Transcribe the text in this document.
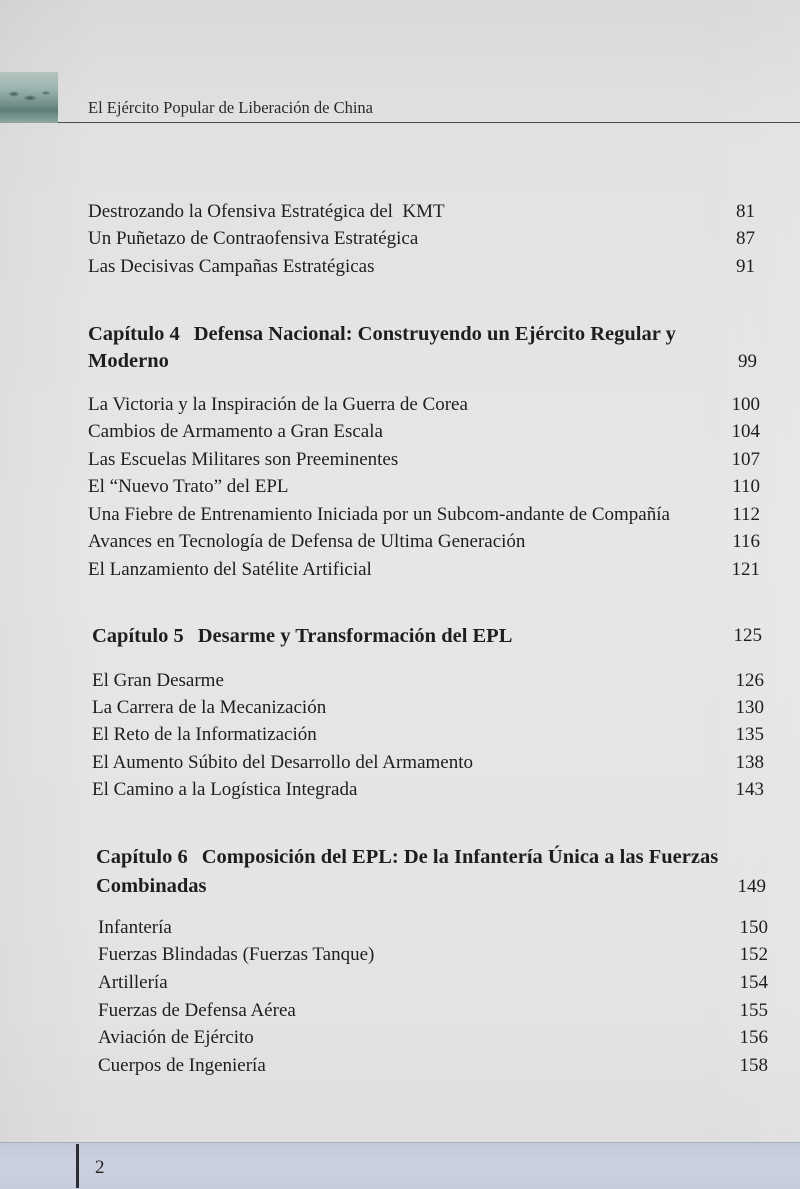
El Ejército Popular de Liberación de China
Destrozando la Ofensiva Estratégica del  KMT	81
Un Puñetazo de Contraofensiva Estratégica	87
Las Decisivas Campañas Estratégicas	91
Capítulo 4 Defensa Nacional: Construyendo un Ejército Regular y
Moderno	99
La Victoria y la Inspiración de la Guerra de Corea	100
Cambios de Armamento a Gran Escala	104
Las Escuelas Militares son Preeminentes	107
El “Nuevo Trato” del EPL	110
Una Fiebre de Entrenamiento Iniciada por un Subcom-andante de Compañía	112
Avances en Tecnología de Defensa de Ultima Generación	116
El Lanzamiento del Satélite Artificial	121
Capítulo 5 Desarme y Transformación del EPL	125
El Gran Desarme	126
La Carrera de la Mecanización	130
El Reto de la Informatización	135
El Aumento Súbito del Desarrollo del Armamento	138
El Camino a la Logística Integrada	143
Capítulo 6 Composición del EPL: De la Infantería Única a las Fuerzas
Combinadas	149
Infantería	150
Fuerzas Blindadas (Fuerzas Tanque)	152
Artillería	154
Fuerzas de Defensa Aérea	155
Aviación de Ejército	156
Cuerpos de Ingeniería	158
2
